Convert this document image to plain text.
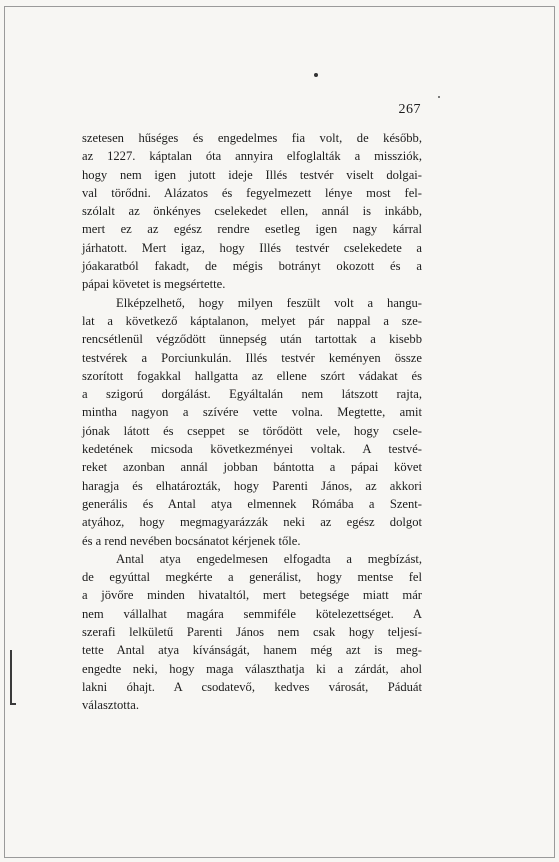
267

szetesen hűséges és engedelmes fia volt, de később,
az 1227. káptalan óta annyira elfoglalták a missziók,
hogy nem igen jutott ideje Illés testvér viselt dolgai-
val törődni. Alázatos és fegyelmezett lénye most fel-
szólalt az önkényes cselekedet ellen, annál is inkább,
mert ez az egész rendre esetleg igen nagy kárral
járhatott. Mert igaz, hogy Illés testvér cselekedete a
jóakaratból fakadt, de mégis botrányt okozott és a
pápai követet is megsértette.

Elképzelhető, hogy milyen feszült volt a hangu-
lat a következő káptalanon, melyet pár nappal a sze-
rencsétlenül végződött ünnepség után tartottak a kisebb
testvérek a Porciunkulán. Illés testvér keményen össze
szorított fogakkal hallgatta az ellene szórt vádakat és
a szigorú dorgálást. Egyáltalán nem látszott rajta,
mintha nagyon a szívére vette volna. Megtette, amit
jónak látott és cseppet se törődött vele, hogy csele-
kedetének micsoda következményei voltak. A testvé-
reket azonban annál jobban bántotta a pápai követ
haragja és elhatározták, hogy Parenti János, az akkori
generális és Antal atya elmennek Rómába a Szent-
atyához, hogy megmagyarázzák neki az egész dolgot
és a rend nevében bocsánatot kérjenek tőle.

Antal atya engedelmesen elfogadta a megbízást,
de egyúttal megkérte a generálist, hogy mentse fel
a jövőre minden hivataltól, mert betegsége miatt már
nem vállalhat magára semmiféle kötelezettséget. A
szerafi lelkületű Parenti János nem csak hogy teljesí-
tette Antal atya kívánságát, hanem még azt is meg-
engedte neki, hogy maga választhatja ki a zárdát, ahol
lakni óhajt. A csodatevő, kedves városát, Páduát
választotta.
